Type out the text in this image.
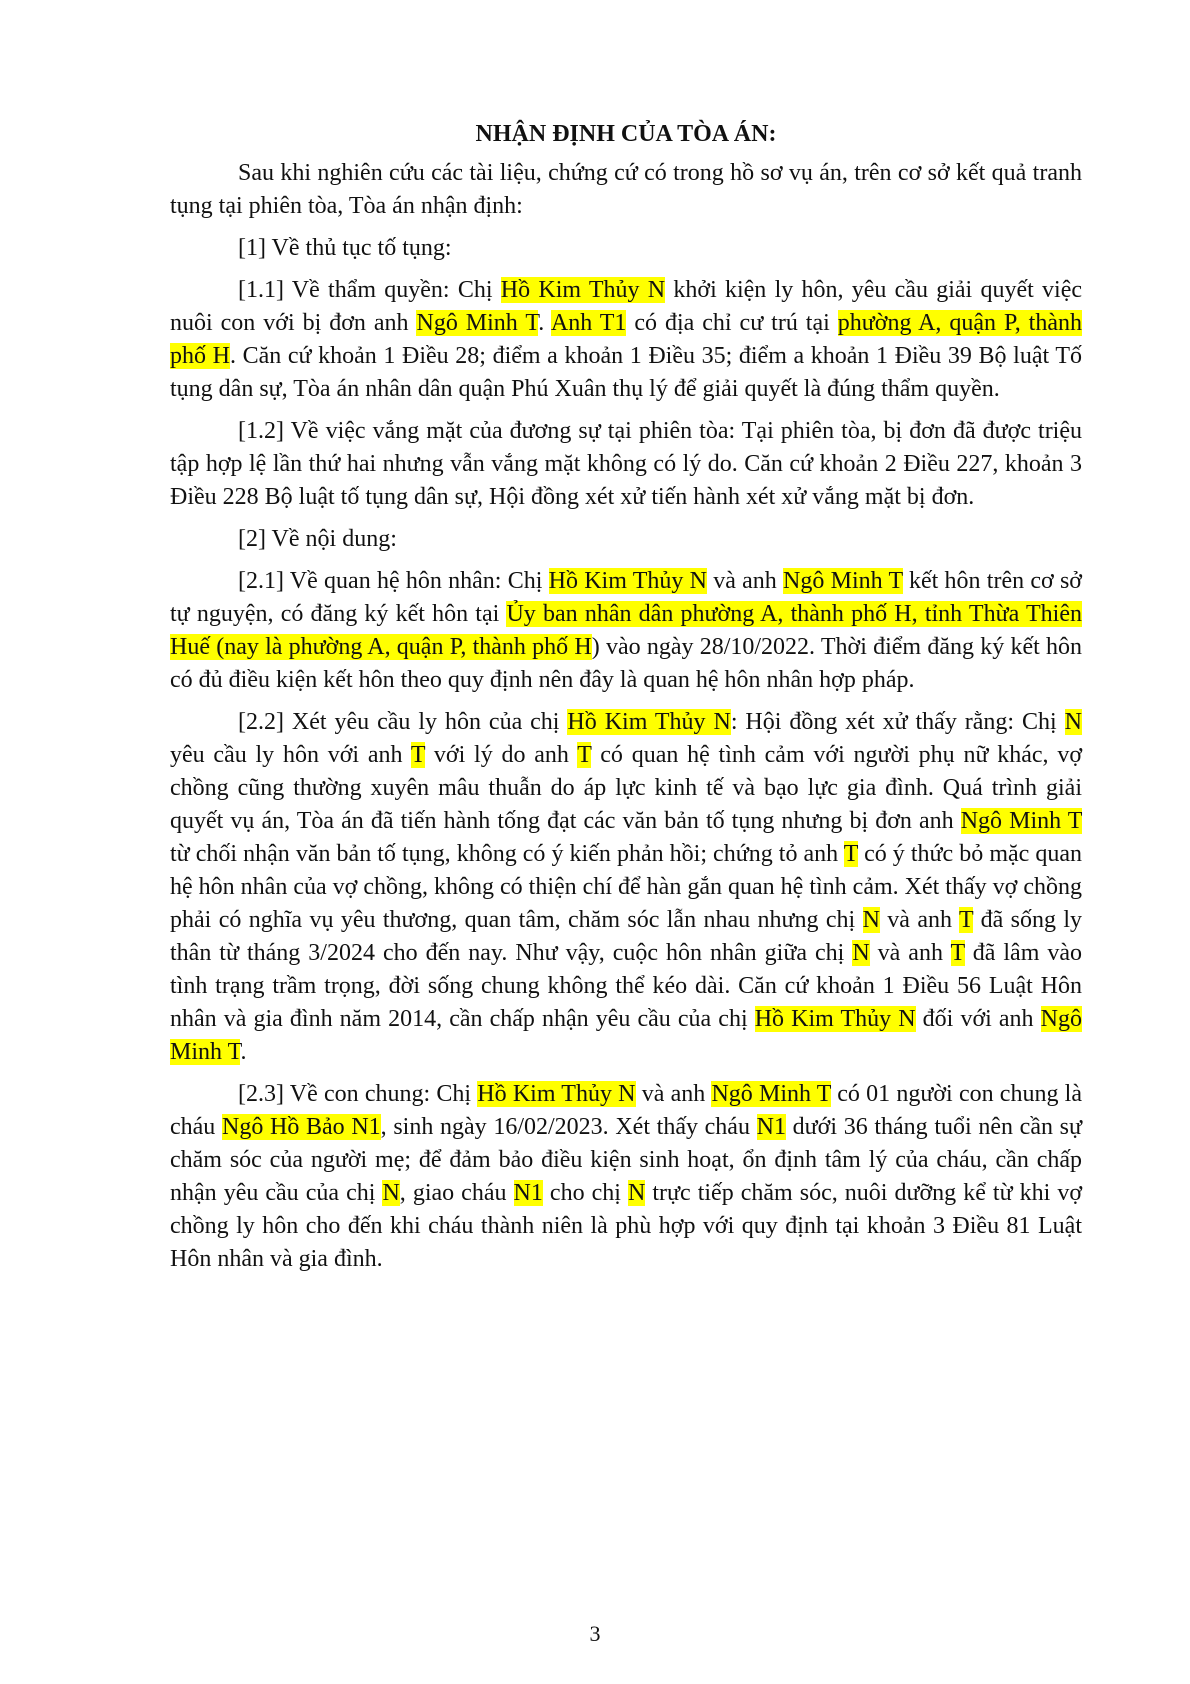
NHẬN ĐỊNH CỦA TÒA ÁN:

Sau khi nghiên cứu các tài liệu, chứng cứ có trong hồ sơ vụ án, trên cơ sở kết quả tranh tụng tại phiên tòa, Tòa án nhận định:

[1] Về thủ tục tố tụng:

[1.1] Về thẩm quyền: Chị Hồ Kim Thủy N khởi kiện ly hôn, yêu cầu giải quyết việc nuôi con với bị đơn anh Ngô Minh T. Anh T1 có địa chỉ cư trú tại phường A, quận P, thành phố H. Căn cứ khoản 1 Điều 28; điểm a khoản 1 Điều 35; điểm a khoản 1 Điều 39 Bộ luật Tố tụng dân sự, Tòa án nhân dân quận Phú Xuân thụ lý để giải quyết là đúng thẩm quyền.

[1.2] Về việc vắng mặt của đương sự tại phiên tòa: Tại phiên tòa, bị đơn đã được triệu tập hợp lệ lần thứ hai nhưng vẫn vắng mặt không có lý do. Căn cứ khoản 2 Điều 227, khoản 3 Điều 228 Bộ luật tố tụng dân sự, Hội đồng xét xử tiến hành xét xử vắng mặt bị đơn.

[2] Về nội dung:

[2.1] Về quan hệ hôn nhân: Chị Hồ Kim Thủy N và anh Ngô Minh T kết hôn trên cơ sở tự nguyện, có đăng ký kết hôn tại Ủy ban nhân dân phường A, thành phố H, tỉnh Thừa Thiên Huế (nay là phường A, quận P, thành phố H) vào ngày 28/10/2022. Thời điểm đăng ký kết hôn có đủ điều kiện kết hôn theo quy định nên đây là quan hệ hôn nhân hợp pháp.

[2.2] Xét yêu cầu ly hôn của chị Hồ Kim Thủy N: Hội đồng xét xử thấy rằng: Chị N yêu cầu ly hôn với anh T với lý do anh T có quan hệ tình cảm với người phụ nữ khác, vợ chồng cũng thường xuyên mâu thuẫn do áp lực kinh tế và bạo lực gia đình. Quá trình giải quyết vụ án, Tòa án đã tiến hành tống đạt các văn bản tố tụng nhưng bị đơn anh Ngô Minh T từ chối nhận văn bản tố tụng, không có ý kiến phản hồi; chứng tỏ anh T có ý thức bỏ mặc quan hệ hôn nhân của vợ chồng, không có thiện chí để hàn gắn quan hệ tình cảm. Xét thấy vợ chồng phải có nghĩa vụ yêu thương, quan tâm, chăm sóc lẫn nhau nhưng chị N và anh T đã sống ly thân từ tháng 3/2024 cho đến nay. Như vậy, cuộc hôn nhân giữa chị N và anh T đã lâm vào tình trạng trầm trọng, đời sống chung không thể kéo dài. Căn cứ khoản 1 Điều 56 Luật Hôn nhân và gia đình năm 2014, cần chấp nhận yêu cầu của chị Hồ Kim Thủy N đối với anh Ngô Minh T.

[2.3] Về con chung: Chị Hồ Kim Thủy N và anh Ngô Minh T có 01 người con chung là cháu Ngô Hồ Bảo N1, sinh ngày 16/02/2023. Xét thấy cháu N1 dưới 36 tháng tuổi nên cần sự chăm sóc của người mẹ; để đảm bảo điều kiện sinh hoạt, ổn định tâm lý của cháu, cần chấp nhận yêu cầu của chị N, giao cháu N1 cho chị N trực tiếp chăm sóc, nuôi dưỡng kể từ khi vợ chồng ly hôn cho đến khi cháu thành niên là phù hợp với quy định tại khoản 3 Điều 81 Luật Hôn nhân và gia đình.

3
